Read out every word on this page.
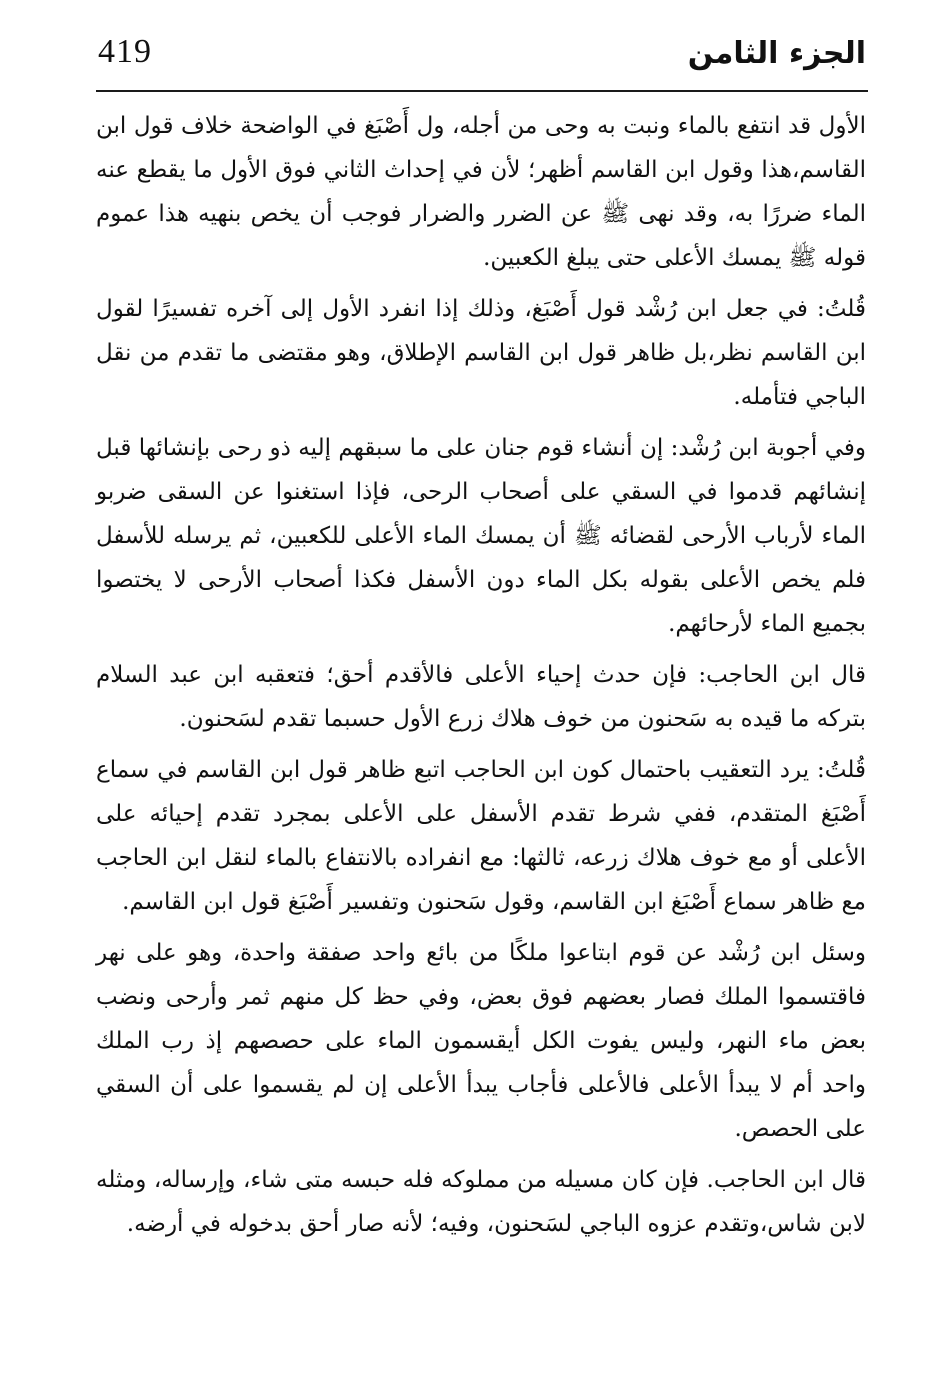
419	الجزء الثامن

الأول قد انتفع بالماء ونبت به وحى من أجله، ول أَصْبَغ في الواضحة خلاف قول ابن القاسم،هذا وقول ابن القاسم أظهر؛ لأن في إحداث الثاني فوق الأول ما يقطع عنه الماء ضررًا به، وقد نهى ﷺ عن الضرر والضرار فوجب أن يخص بنهيه هذا عموم قوله ﷺ يمسك الأعلى حتى يبلغ الكعبين.

قُلتُ: في جعل ابن رُشْد قول أَصْبَغ، وذلك إذا انفرد الأول إلى آخره تفسيرًا لقول ابن القاسم نظر،بل ظاهر قول ابن القاسم الإطلاق، وهو مقتضى ما تقدم من نقل الباجي فتأمله.

وفي أجوبة ابن رُشْد: إن أنشاء قوم جنان على ما سبقهم إليه ذو رحى بإنشائها قبل إنشائهم قدموا في السقي على أصحاب الرحى، فإذا استغنوا عن السقى ضربو الماء لأرباب الأرحى لقضائه ﷺ أن يمسك الماء الأعلى للكعبين، ثم يرسله للأسفل فلم يخص الأعلى بقوله بكل الماء دون الأسفل فكذا أصحاب الأرحى لا يختصوا بجميع الماء لأرحائهم.

قال ابن الحاجب: فإن حدث إحياء الأعلى فالأقدم أحق؛ فتعقبه ابن عبد السلام بتركه ما قيده به سَحنون من خوف هلاك زرع الأول حسبما تقدم لسَحنون.

قُلتُ: يرد التعقيب باحتمال كون ابن الحاجب اتبع ظاهر قول ابن القاسم في سماع أَصْبَغ المتقدم، ففي شرط تقدم الأسفل على الأعلى بمجرد تقدم إحيائه على الأعلى أو مع خوف هلاك زرعه، ثالثها: مع انفراده بالانتفاع بالماء لنقل ابن الحاجب مع ظاهر سماع أَصْبَغ ابن القاسم، وقول سَحنون وتفسير أَصْبَغ قول ابن القاسم.

وسئل ابن رُشْد عن قوم ابتاعوا ملكًا من بائع واحد صفقة واحدة، وهو على نهر فاقتسموا الملك فصار بعضهم فوق بعض، وفي حظ كل منهم ثمر وأرحى ونضب بعض ماء النهر، وليس يفوت الكل أيقسمون الماء على حصصهم إذ رب الملك واحد أم لا يبدأ الأعلى فالأعلى فأجاب يبدأ الأعلى إن لم يقسموا على أن السقي على الحصص.

قال ابن الحاجب. فإن كان مسيله من مملوكه فله حبسه متى شاء، وإرساله، ومثله لابن شاس،وتقدم عزوه الباجي لسَحنون، وفيه؛ لأنه صار أحق بدخوله في أرضه.
